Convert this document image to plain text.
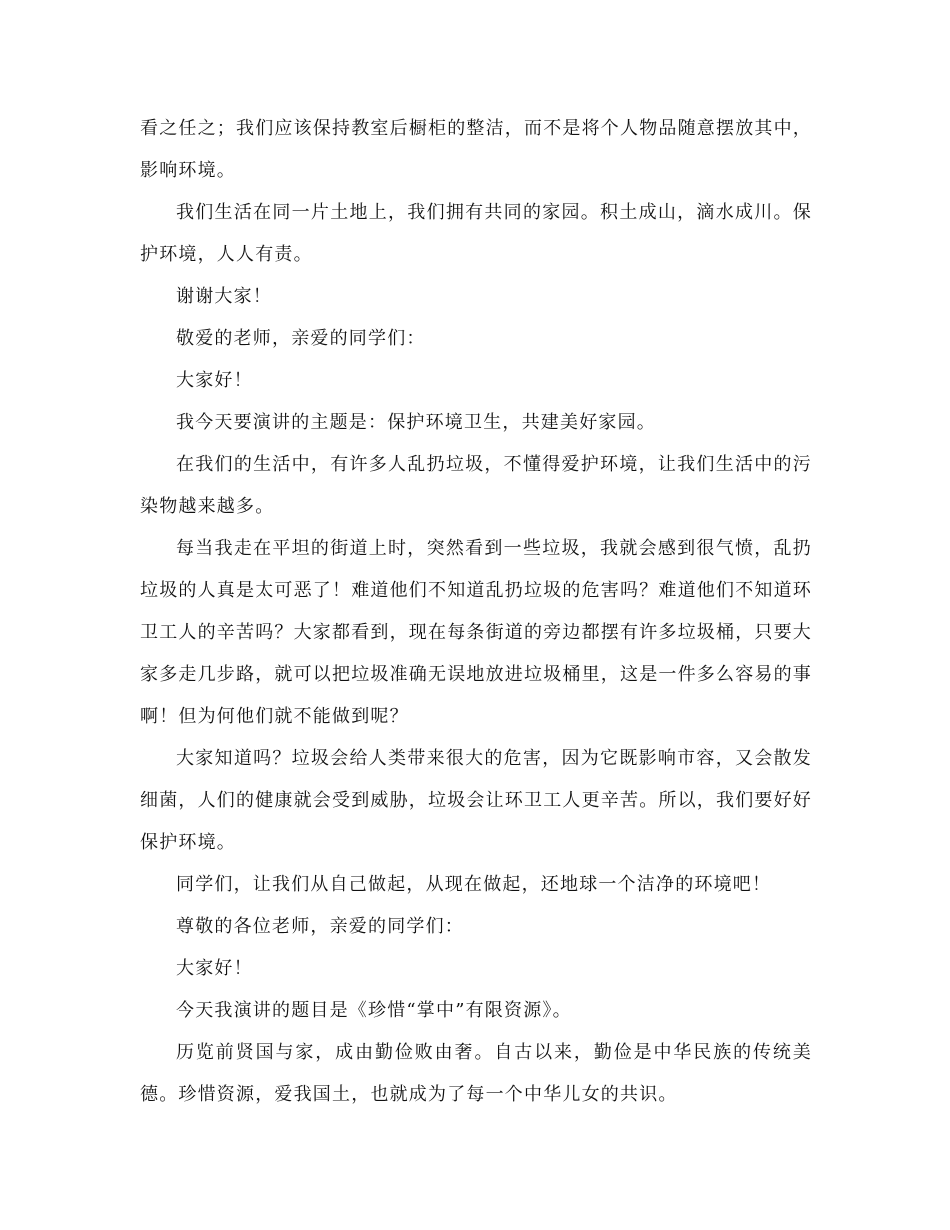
看之任之；我们应该保持教室后橱柜的整洁，而不是将个人物品随意摆放其中，影响环境。

我们生活在同一片土地上，我们拥有共同的家园。积土成山，滴水成川。保护环境，人人有责。

谢谢大家！

敬爱的老师，亲爱的同学们：

大家好！

我今天要演讲的主题是：保护环境卫生，共建美好家园。

在我们的生活中，有许多人乱扔垃圾，不懂得爱护环境，让我们生活中的污染物越来越多。

每当我走在平坦的街道上时，突然看到一些垃圾，我就会感到很气愤，乱扔垃圾的人真是太可恶了！难道他们不知道乱扔垃圾的危害吗？难道他们不知道环卫工人的辛苦吗？大家都看到，现在每条街道的旁边都摆有许多垃圾桶，只要大家多走几步路，就可以把垃圾准确无误地放进垃圾桶里，这是一件多么容易的事啊！但为何他们就不能做到呢？

大家知道吗？垃圾会给人类带来很大的危害，因为它既影响市容，又会散发细菌，人们的健康就会受到威胁，垃圾会让环卫工人更辛苦。所以，我们要好好保护环境。

同学们，让我们从自己做起，从现在做起，还地球一个洁净的环境吧！

尊敬的各位老师，亲爱的同学们：

大家好！

今天我演讲的题目是《珍惜“掌中”有限资源》。

历览前贤国与家，成由勤俭败由奢。自古以来，勤俭是中华民族的传统美德。珍惜资源，爱我国土，也就成为了每一个中华儿女的共识。
